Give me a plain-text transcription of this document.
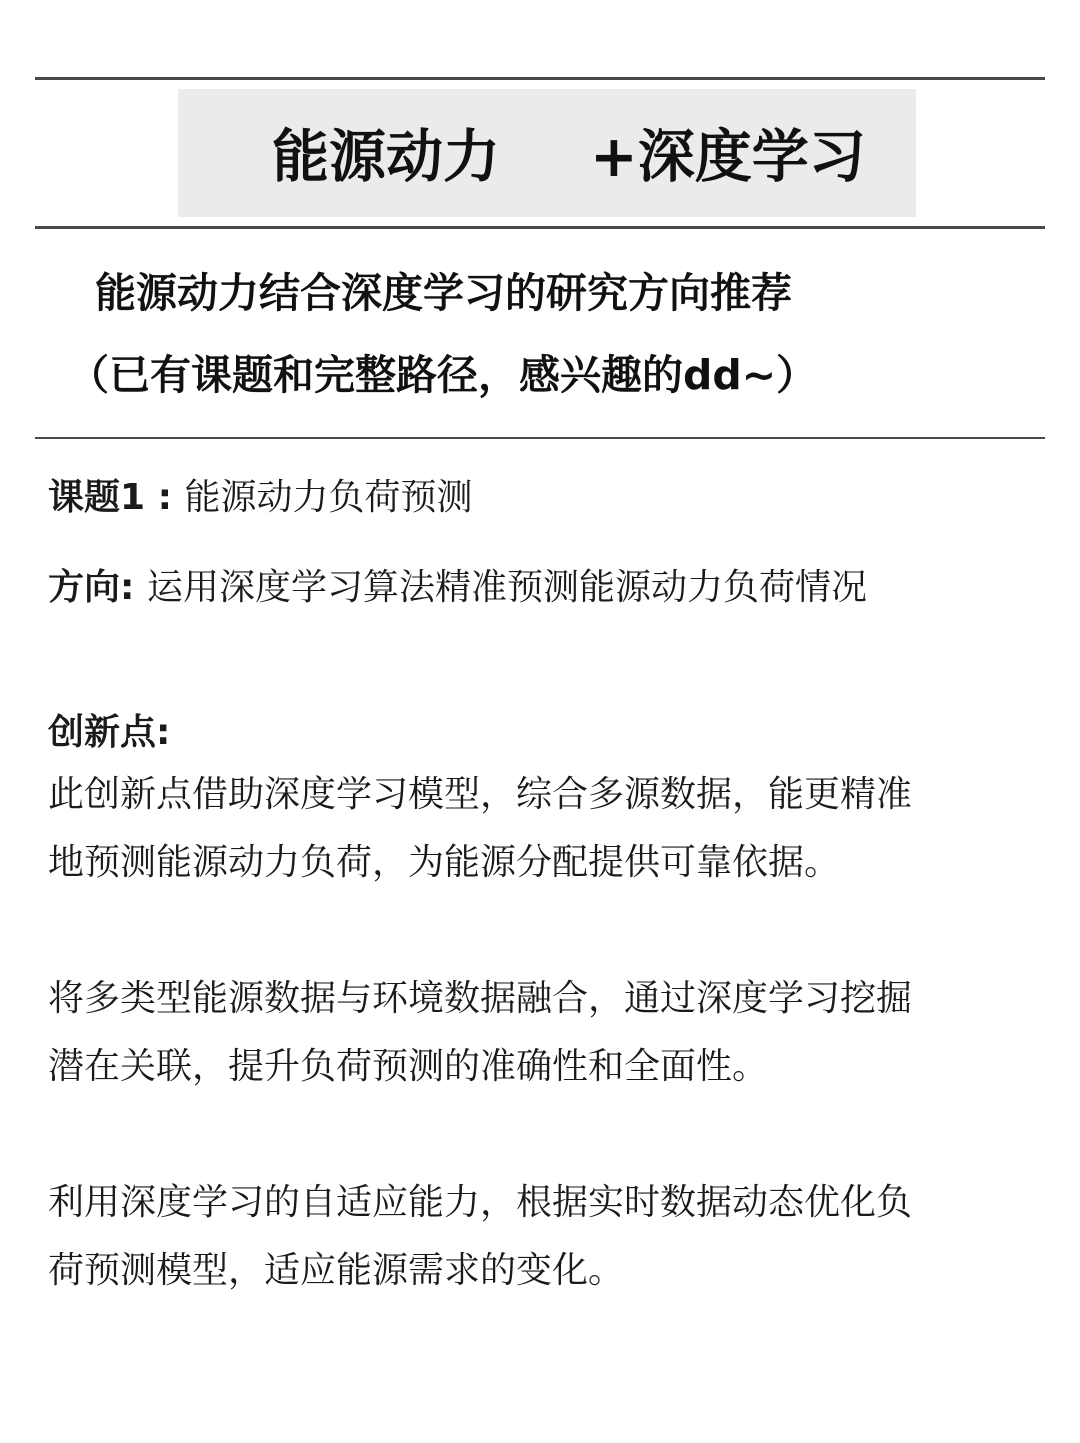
能源动力 +深度学习
能源动力结合深度学习的研究方向推荐
（已有课题和完整路径，感兴趣的dd~）
课题1 : 能源动力负荷预测
方向: 运用深度学习算法精准预测能源动力负荷情况
创新点:
此创新点借助深度学习模型，综合多源数据，能更精准
地预测能源动力负荷，为能源分配提供可靠依据。
将多类型能源数据与环境数据融合，通过深度学习挖掘
潜在关联，提升负荷预测的准确性和全面性。
利用深度学习的自适应能力，根据实时数据动态优化负
荷预测模型，适应能源需求的变化。
